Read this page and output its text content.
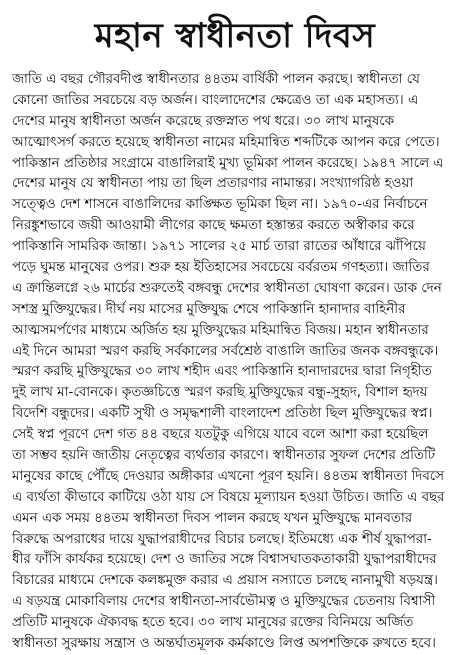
মহান স্বাধীনতা দিবস
জাতি এ বছর গৌরবদীপ্ত স্বাধীনতার ৪৪তম বার্ষিকী পালন করছে। স্বাধীনতা যে
কোনো জাতির সবচেয়ে বড় অর্জন। বাংলাদেশের ক্ষেত্রেও তা এক মহাসত্য। এ
দেশের মানুষ স্বাধীনতা অর্জন করেছে রক্তস্নাত পথ ধরে। ৩০ লাখ মানুষকে
আত্মোৎসর্গ করতে হয়েছে স্বাধীনতা নামের মহিমান্বিত শব্দটিকে আপন করে পেতে।
পাকিস্তান প্রতিষ্ঠার সংগ্রামে বাঙালিরাই মুখ্য ভূমিকা পালন করেছে। ১৯৪৭ সালে এ
দেশের মানুষ যে স্বাধীনতা পায় তা ছিল প্রতারণার নামান্তর। সংখ্যাগরিষ্ঠ হওয়া
সত্ত্বেও দেশ শাসনে বাঙালিদের কাঙ্ক্ষিত ভূমিকা ছিল না। ১৯৭০-এর নির্বাচনে
নিরঙ্কুশভাবে জয়ী আওয়ামী লীগের কাছে ক্ষমতা হস্তান্তর করতে অস্বীকার করে
পাকিস্তানি সামরিক জান্তা। ১৯৭১ সালের ২৫ মার্চ তারা রাতের আঁধারে ঝাঁপিয়ে
পড়ে ঘুমন্ত মানুষের ওপর। শুরু হয় ইতিহাসের সবচেয়ে বর্বরতম গণহত্যা। জাতির
এ ক্রান্তিলগ্নে ২৬ মার্চের শুরুতেই বঙ্গবন্ধু দেশের স্বাধীনতা ঘোষণা করেন। ডাক দেন
সশস্ত্র মুক্তিযুদ্ধের। দীর্ঘ নয় মাসের মুক্তিযুদ্ধ শেষে পাকিস্তানি হানাদার বাহিনীর
আত্মসমর্পণের মাধ্যমে অর্জিত হয় মুক্তিযুদ্ধের মহিমান্বিত বিজয়। মহান স্বাধীনতার
এই দিনে আমরা স্মরণ করছি সর্বকালের সর্বশ্রেষ্ঠ বাঙালি জাতির জনক বঙ্গবন্ধুকে।
স্মরণ করছি মুক্তিযুদ্ধের ৩০ লাখ শহীদ এবং পাকিস্তানি হানাদারদের দ্বারা নিগৃহীত
দুই লাখ মা-বোনকে। কৃতজ্ঞচিত্তে স্মরণ করছি মুক্তিযুদ্ধের বন্ধু-সুহৃদ, বিশাল হৃদয়
বিদেশি বন্ধুদের। একটি সুখী ও সমৃদ্ধশালী বাংলাদেশ প্রতিষ্ঠা ছিল মুক্তিযুদ্ধের স্বপ্ন।
সেই স্বপ্ন পূরণে দেশ গত ৪৪ বছরে যতটুকু এগিয়ে যাবে বলে আশা করা হয়েছিল
তা সম্ভব হয়নি জাতীয় নেতৃত্বের ব্যর্থতার কারণে। স্বাধীনতার সুফল দেশের প্রতিটি
মানুষের কাছে পৌঁছে দেওয়ার অঙ্গীকার এখনো পূরণ হয়নি। ৪৪তম স্বাধীনতা দিবসে
এ ব্যর্থতা কীভাবে কাটিয়ে ওঠা যায় সে বিষয়ে মূল্যায়ন হওয়া উচিত। জাতি এ বছর
এমন এক সময় ৪৪তম স্বাধীনতা দিবস পালন করছে যখন মুক্তিযুদ্ধে মানবতার
বিরুদ্ধে অপরাধের দায়ে যুদ্ধাপরাধীদের বিচার চলছে। ইতিমধ্যে এক শীর্ষ যুদ্ধাপরা-
ধীর ফাঁসি কার্যকর হয়েছে। দেশ ও জাতির সঙ্গে বিশ্বাসঘাতকতাকারী যুদ্ধাপরাধীদের
বিচারের মাধ্যমে দেশকে কলঙ্কমুক্ত করার এ প্রয়াস নস্যাতে চলছে নানামুখী ষড়যন্ত্র।
এ ষড়যন্ত্র মোকাবিলায় দেশের স্বাধীনতা-সার্বভৌমত্ব ও মুক্তিযুদ্ধের চেতনায় বিশ্বাসী
প্রতিটি মানুষকে ঐক্যবদ্ধ হতে হবে। ৩০ লাখ মানুষের রক্তের বিনিময়ে অর্জিত
স্বাধীনতা সুরক্ষায় সন্ত্রাস ও অন্তর্ঘাতমূলক কর্মকাণ্ডে লিপ্ত অপশক্তিকে রুখতে হবে।
